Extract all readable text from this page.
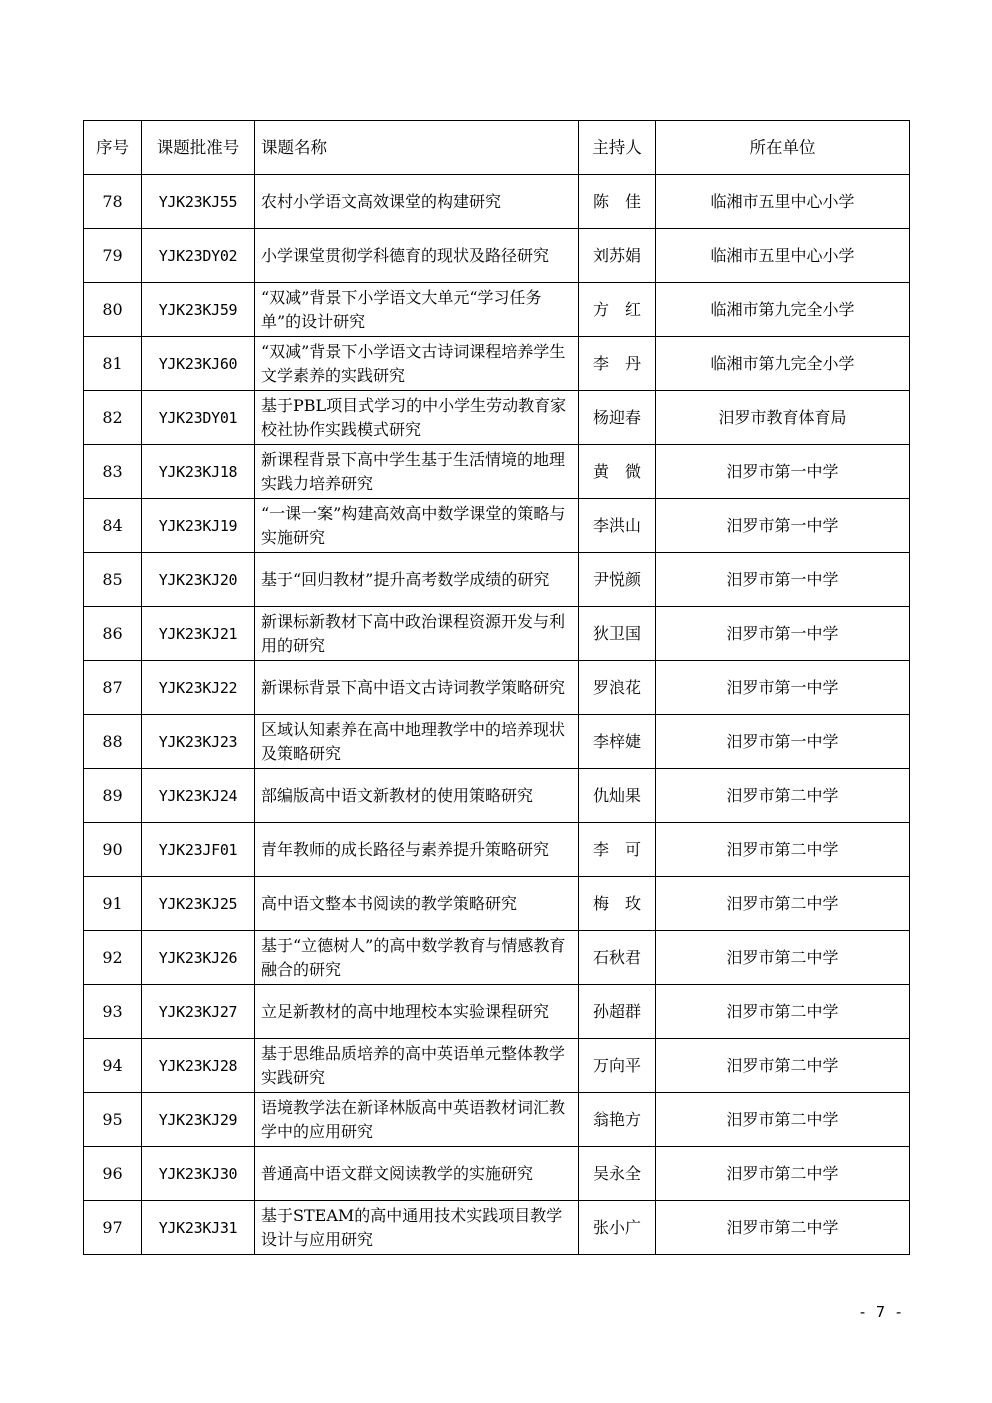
序号	课题批准号	课题名称	主持人	所在单位
78	YJK23KJ55	农村小学语文高效课堂的构建研究	陈　佳	临湘市五里中心小学
79	YJK23DY02	小学课堂贯彻学科德育的现状及路径研究	刘苏娟	临湘市五里中心小学
80	YJK23KJ59	“双减”背景下小学语文大单元“学习任务单”的设计研究	方　红	临湘市第九完全小学
81	YJK23KJ60	“双减”背景下小学语文古诗词课程培养学生文学素养的实践研究	李　丹	临湘市第九完全小学
82	YJK23DY01	基于PBL项目式学习的中小学生劳动教育家校社协作实践模式研究	杨迎春	汨罗市教育体育局
83	YJK23KJ18	新课程背景下高中学生基于生活情境的地理实践力培养研究	黄　微	汨罗市第一中学
84	YJK23KJ19	“一课一案”构建高效高中数学课堂的策略与实施研究	李洪山	汨罗市第一中学
85	YJK23KJ20	基于“回归教材”提升高考数学成绩的研究	尹悦颜	汨罗市第一中学
86	YJK23KJ21	新课标新教材下高中政治课程资源开发与利用的研究	狄卫国	汨罗市第一中学
87	YJK23KJ22	新课标背景下高中语文古诗词教学策略研究	罗浪花	汨罗市第一中学
88	YJK23KJ23	区域认知素养在高中地理教学中的培养现状及策略研究	李梓婕	汨罗市第一中学
89	YJK23KJ24	部编版高中语文新教材的使用策略研究	仇灿果	汨罗市第二中学
90	YJK23JF01	青年教师的成长路径与素养提升策略研究	李　可	汨罗市第二中学
91	YJK23KJ25	高中语文整本书阅读的教学策略研究	梅　玫	汨罗市第二中学
92	YJK23KJ26	基于“立德树人”的高中数学教育与情感教育融合的研究	石秋君	汨罗市第二中学
93	YJK23KJ27	立足新教材的高中地理校本实验课程研究	孙超群	汨罗市第二中学
94	YJK23KJ28	基于思维品质培养的高中英语单元整体教学实践研究	万向平	汨罗市第二中学
95	YJK23KJ29	语境教学法在新译林版高中英语教材词汇教学中的应用研究	翁艳方	汨罗市第二中学
96	YJK23KJ30	普通高中语文群文阅读教学的实施研究	吴永全	汨罗市第二中学
97	YJK23KJ31	基于STEAM的高中通用技术实践项目教学设计与应用研究	张小广	汨罗市第二中学
- 7 -
